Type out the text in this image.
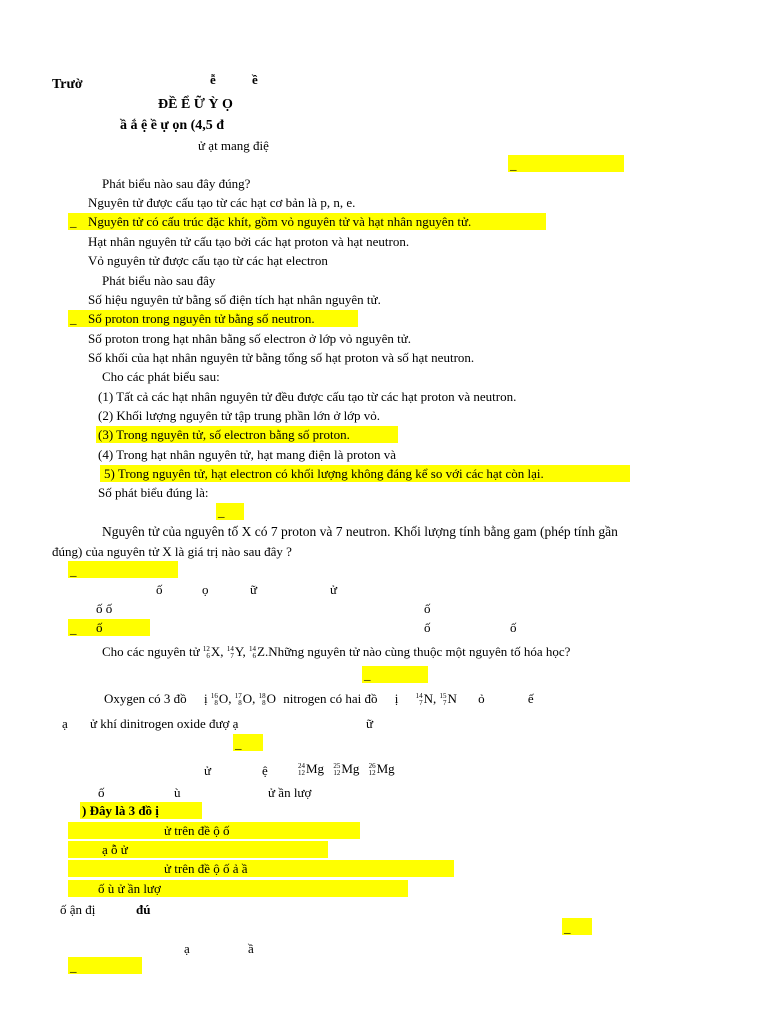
Trườ	ễ	ề
ĐỀ Ể Ữ Ỳ Ọ
ầ ắ ệ ề ự ọn (4,5 đ
ử ạt mang điệ
_
Phát biểu nào sau đây đúng?
Nguyên tử được cấu tạo từ các hạt cơ bản là p, n, e.
_ Nguyên tử có cấu trúc đặc khít, gồm vỏ nguyên tử và hạt nhân nguyên tử.
Hạt nhân nguyên tử cấu tạo bởi các hạt proton và hạt neutron.
Vỏ nguyên tử được cấu tạo từ các hạt electron
Phát biểu nào sau đây
Số hiệu nguyên tử bằng số điện tích hạt nhân nguyên tử.
_ Số proton trong nguyên tử bằng số neutron.
Số proton trong hạt nhân bằng số electron ở lớp vỏ nguyên tử.
Số khối của hạt nhân nguyên tử bằng tổng số hạt proton và số hạt neutron.
Cho các phát biểu sau:
(1) Tất cả các hạt nhân nguyên tử đều được cấu tạo từ các hạt proton và neutron.
(2) Khối lượng nguyên tử tập trung phần lớn ở lớp vỏ.
(3) Trong nguyên tử, số electron bằng số proton.
(4) Trong hạt nhân nguyên tử, hạt mang điện là proton và
5) Trong nguyên tử, hạt electron có khối lượng không đáng kể so với các hạt còn lại.
Số phát biểu đúng là:
_
Nguyên tử của nguyên tố X có 7 proton và 7 neutron. Khối lượng tính bằng gam (phép tính gần
đúng) của nguyên tử X là giá trị nào sau đây ?
_
ố	ọ	ữ	ử
ố ố	ố
_ ố	ố	ố
Cho các nguyên tử 12
6X, 14
7Y, 14
6Z.Những nguyên tử nào cùng thuộc một nguyên tố hóa học?
_
Oxygen có 3 đồ ị 16
8O, 17
8O, 18
8O nitrogen có hai đồ ị 14
7N, 15
7N ỏ	ế
ạ ử khí dinitrogen oxide đượ ạ	ữ
_
ử	ệ	24
12Mg 25
12Mg 26
12Mg
ố	ù	ử ần lượ
) Đây là 3 đồ ị
ử trên đề ộ ố
ạ ỗ ử
ử trên đề ộ ố ả ầ
ố ù ử ần lượ
ố ận đị	đú
_
ạ	ầ
_
